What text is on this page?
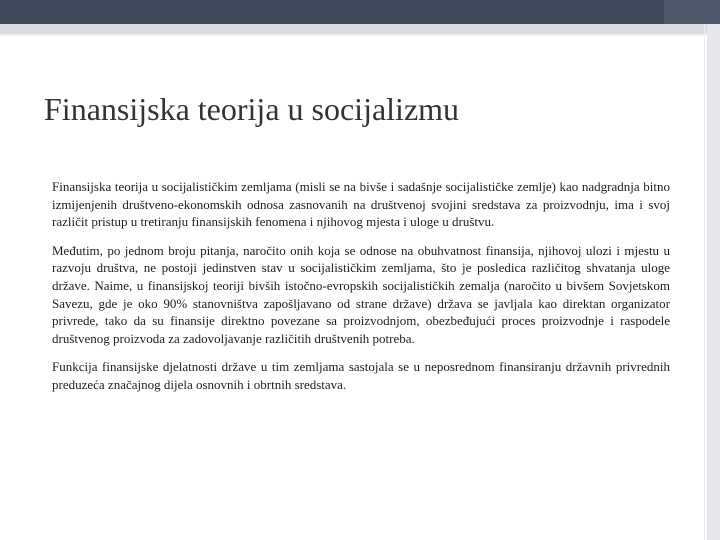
Finansijska teorija u socijalizmu

Finansijska teorija u socijalističkim zemljama (misli se na bivše i sadašnje socijalističke zemlje) kao nadgradnja bitno izmijenjenih društveno-ekonomskih odnosa zasnovanih na društvenoj svojini sredstava za proizvodnju, ima i svoj različit pristup u tretiranju finansijskih fenomena i njihovog mjesta i uloge u društvu.

Međutim, po jednom broju pitanja, naročito onih koja se odnose na obuhvatnost finansija, njihovoj ulozi i mjestu u razvoju društva, ne postoji jedinstven stav u socijalističkim zemljama, što je posledica različitog shvatanja uloge države. Naime, u finansijskoj teoriji bivših istočno-evropskih socijalističkih zemalja (naročito u bivšem Sovjetskom Savezu, gde je oko 90% stanovništva zapošljavano od strane države) država se javljala kao direktan organizator privrede, tako da su finansije direktno povezane sa proizvodnjom, obezbeđujući proces proizvodnje i raspodele društvenog proizvoda za zadovoljavanje različitih društvenih potreba.

Funkcija finansijske djelatnosti države u tim zemljama sastojala se u neposrednom finansiranju državnih privrednih preduzeća značajnog dijela osnovnih i obrtnih sredstava.
